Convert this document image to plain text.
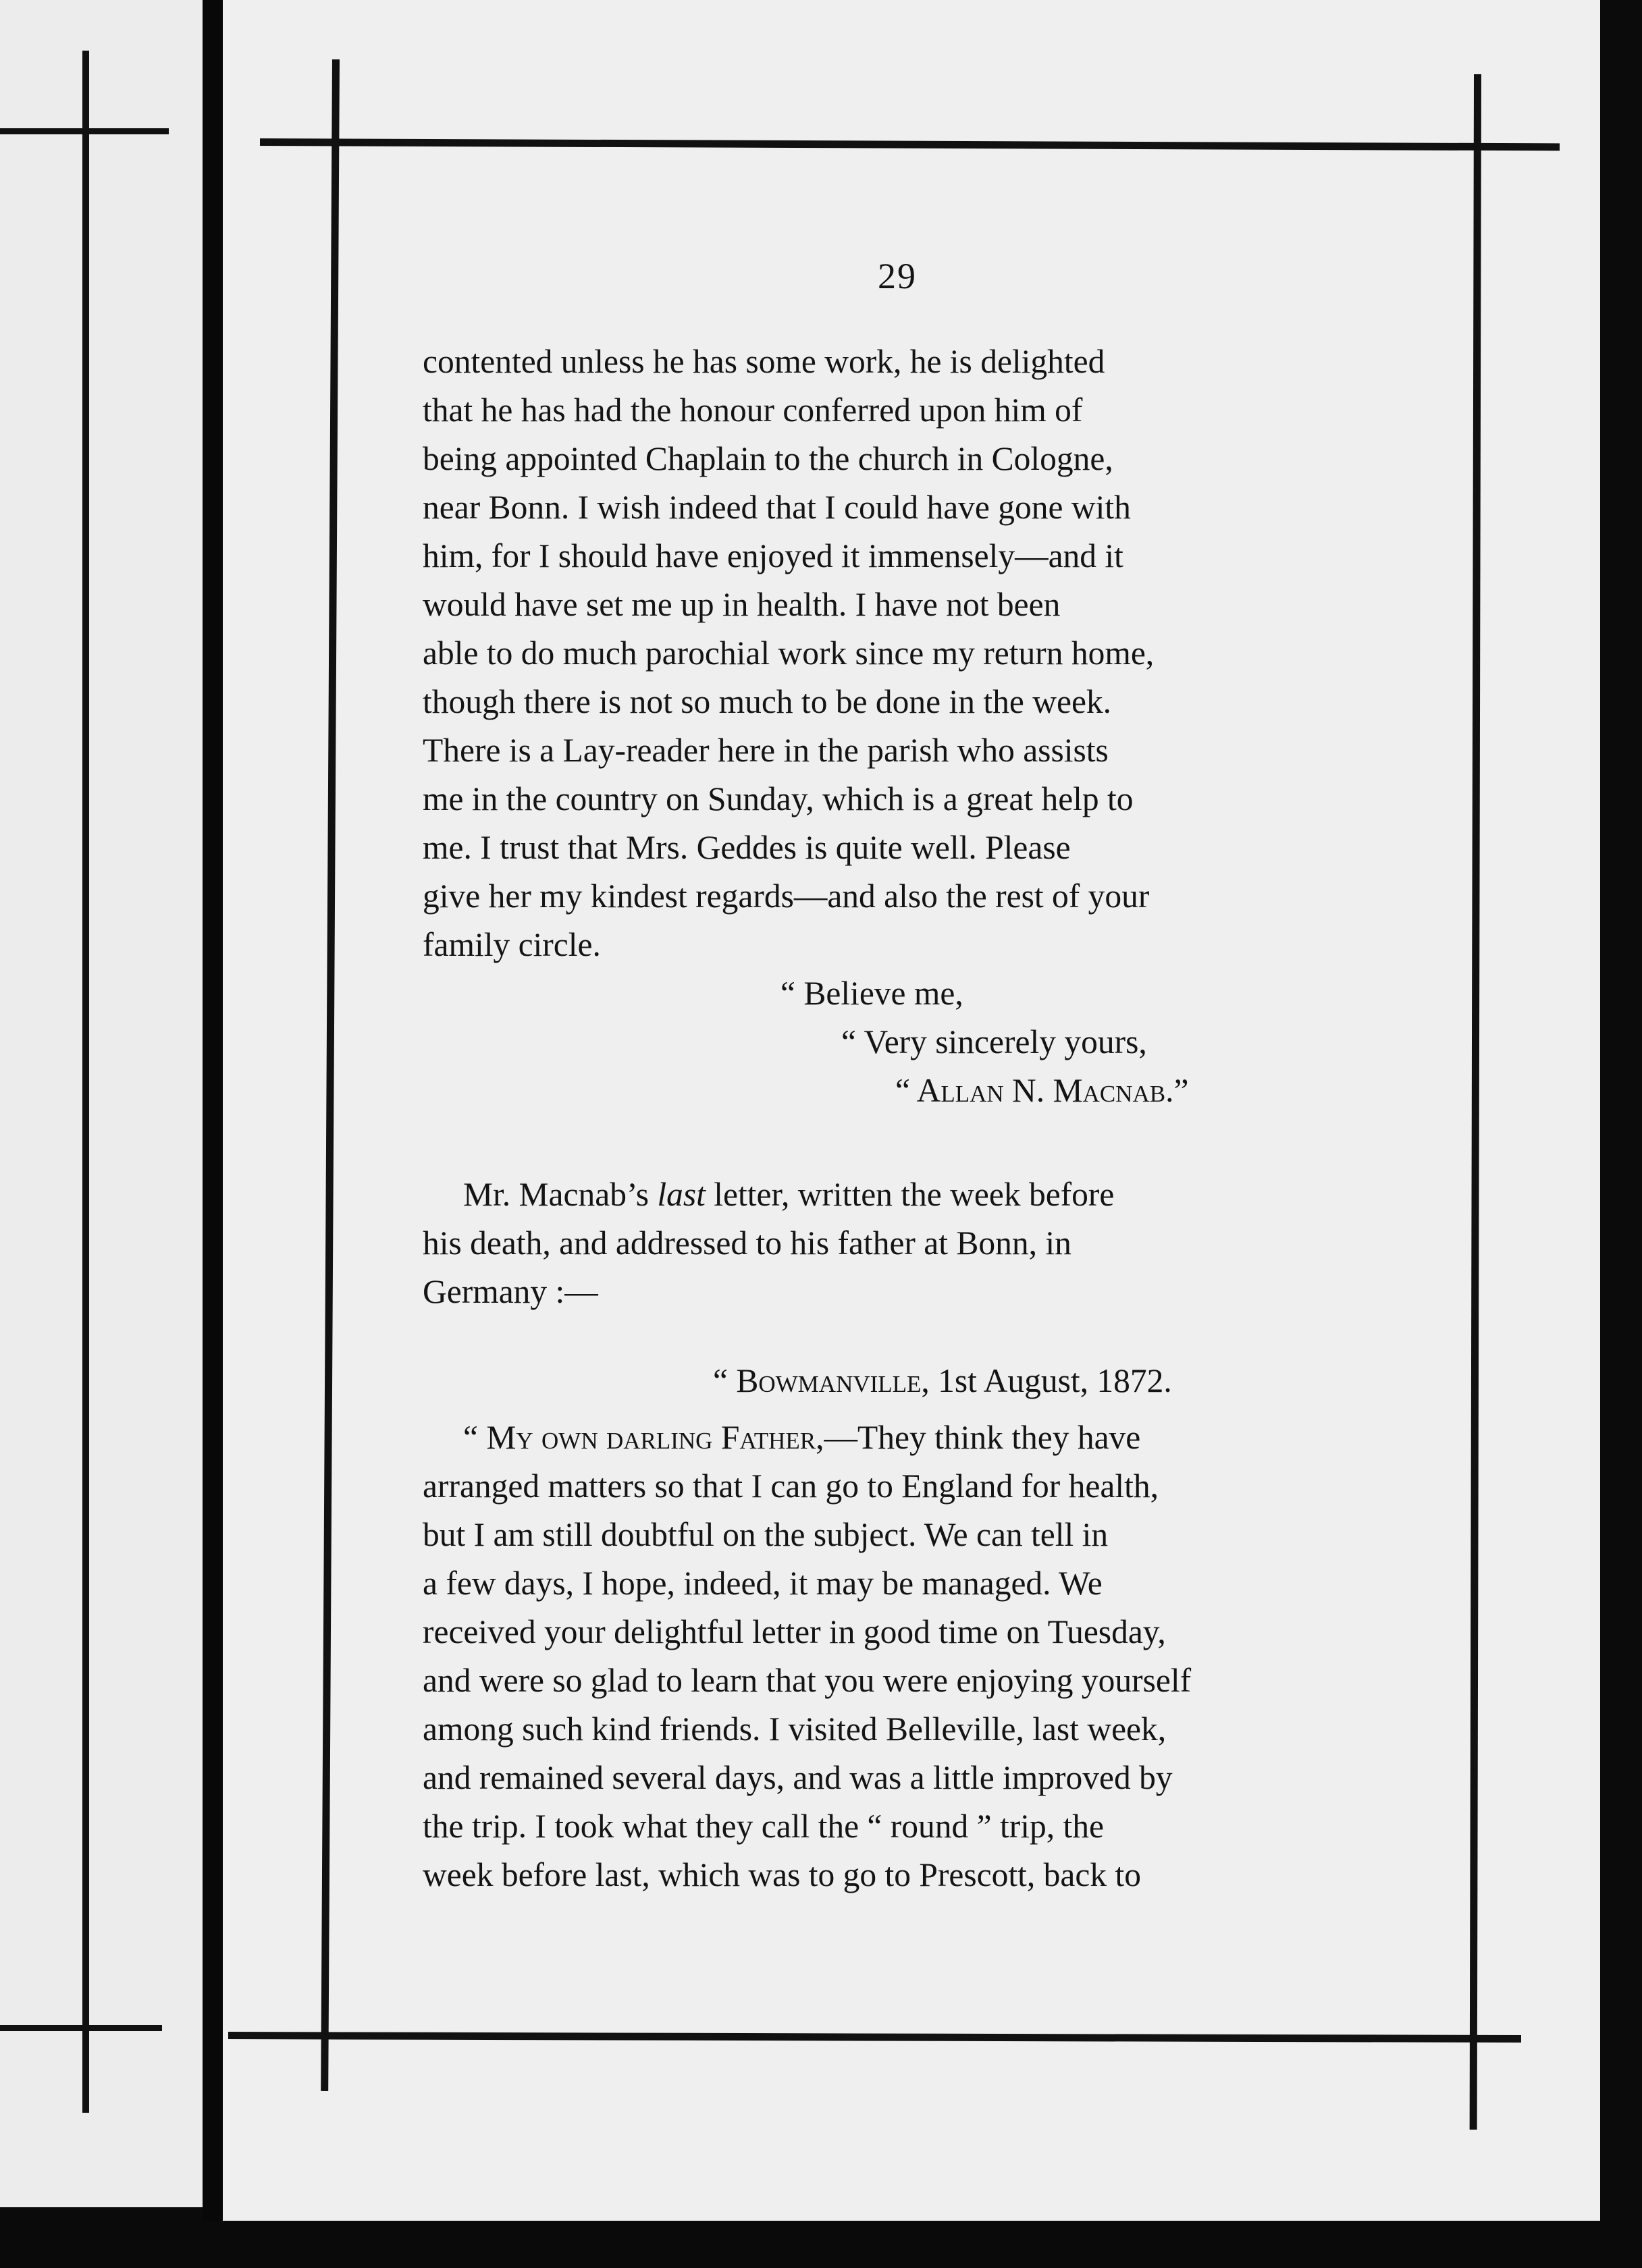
29

contented unless he has some work, he is delighted

that he has had the honour conferred upon him of

being appointed Chaplain to the church in Cologne,

near Bonn. I wish indeed that I could have gone with

him, for I should have enjoyed it immensely—and it

would have set me up in health. I have not been

able to do much parochial work since my return home,

though there is not so much to be done in the week.

There is a Lay-reader here in the parish who assists

me in the country on Sunday, which is a great help to

me. I trust that Mrs. Geddes is quite well. Please

give her my kindest regards—and also the rest of your

family circle.

“ Believe me,

“ Very sincerely yours,

“ Allan N. Macnab.”

Mr. Macnab’s last letter, written the week before

his death, and addressed to his father at Bonn, in

Germany :—

“ Bowmanville, 1st August, 1872.

“ My own darling Father,—They think they have

arranged matters so that I can go to England for health,

but I am still doubtful on the subject. We can tell in

a few days, I hope, indeed, it may be managed. We

received your delightful letter in good time on Tuesday,

and were so glad to learn that you were enjoying yourself

among such kind friends. I visited Belleville, last week,

and remained several days, and was a little improved by

the trip. I took what they call the “ round ” trip, the

week before last, which was to go to Prescott, back to
